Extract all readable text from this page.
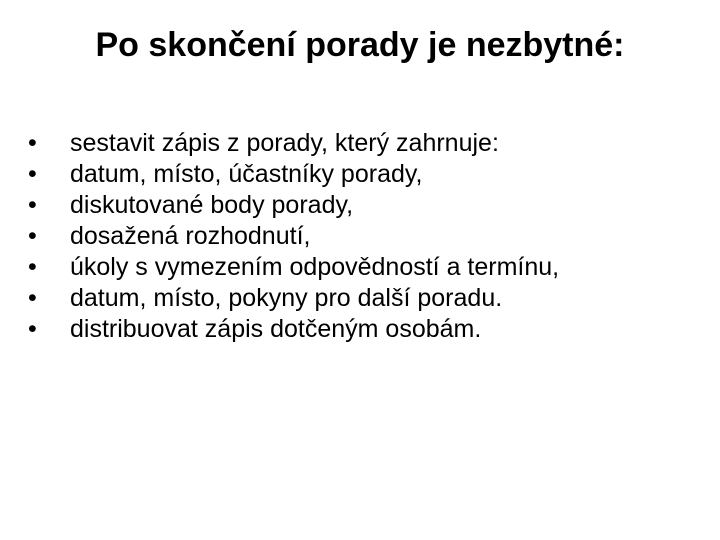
Po skončení porady je nezbytné:
•	sestavit zápis z porady, který zahrnuje:
•	datum, místo, účastníky porady,
•	diskutované body porady,
•	dosažená rozhodnutí,
•	úkoly s vymezením odpovědností a termínu,
•	datum, místo, pokyny pro další poradu.
•	distribuovat zápis dotčeným osobám.
